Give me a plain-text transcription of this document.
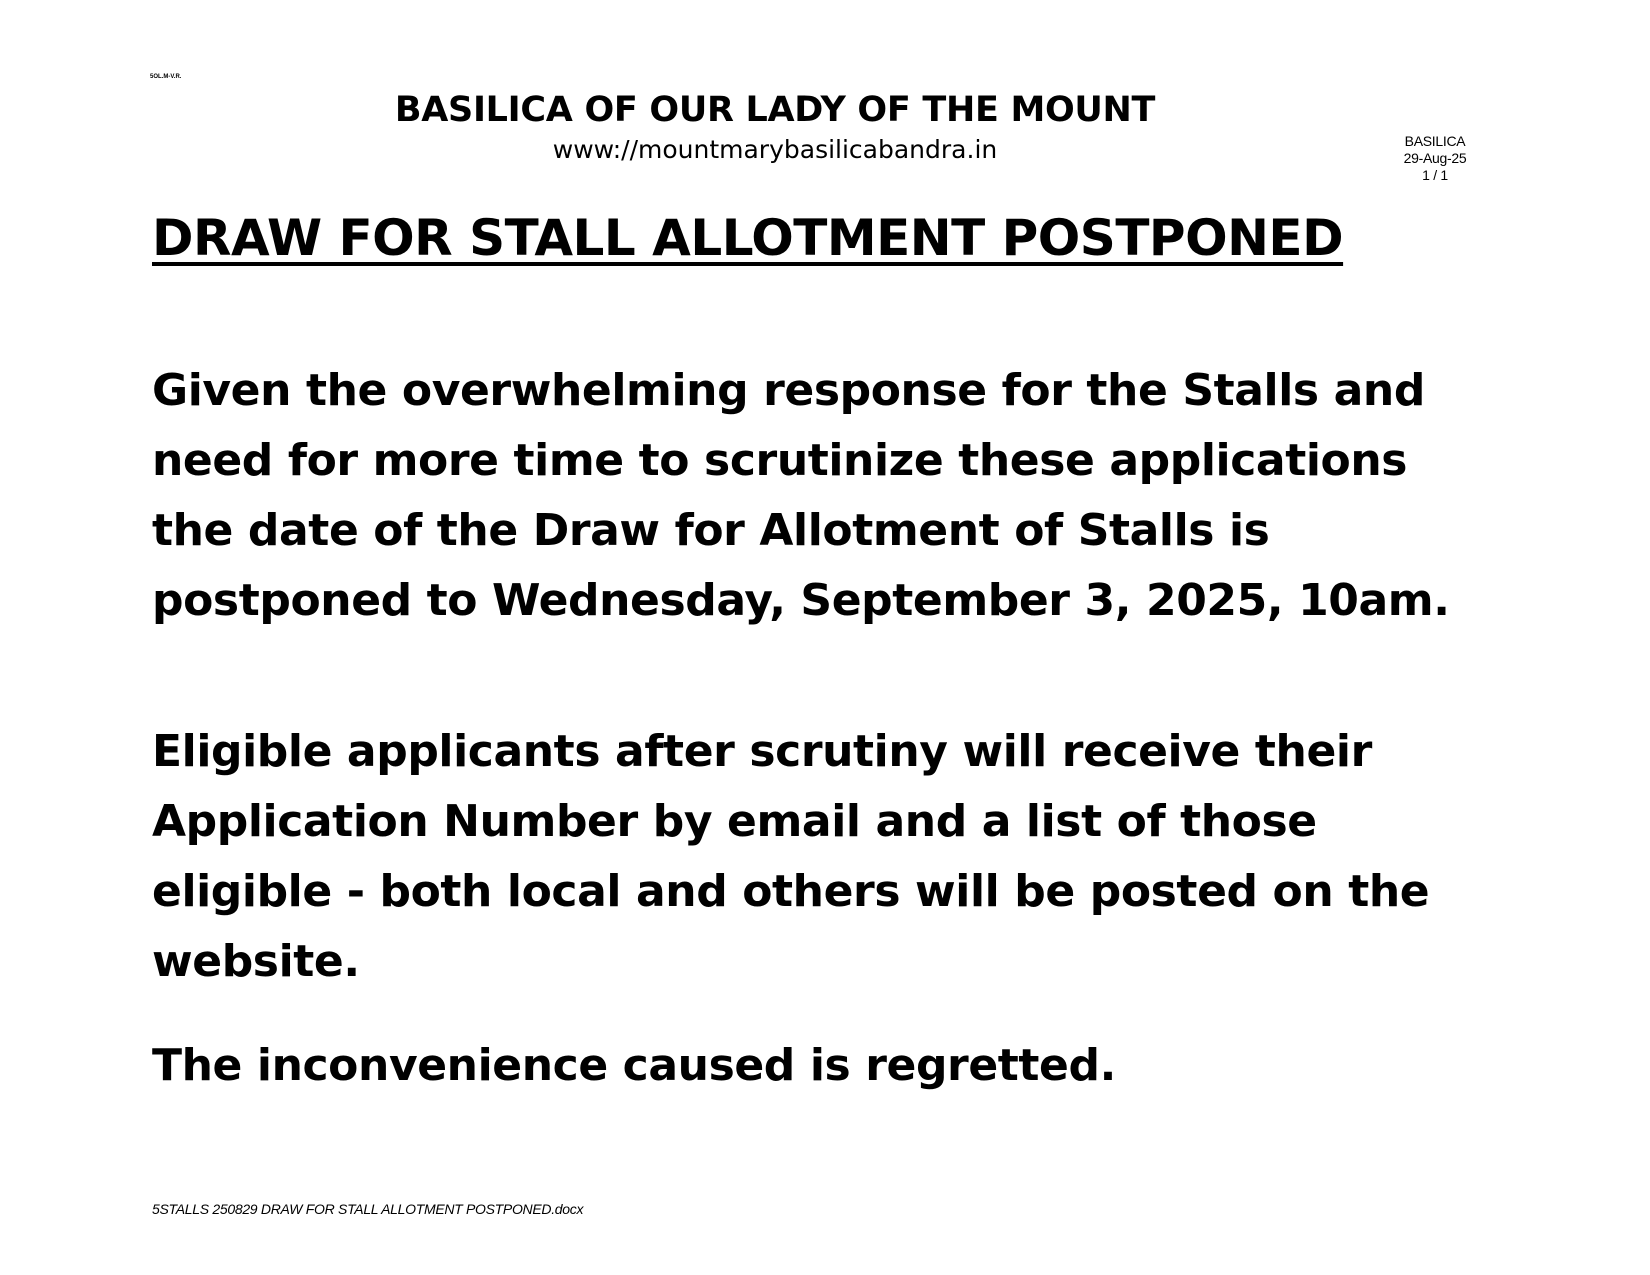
5OL.M-V.R.
BASILICA OF OUR LADY OF THE MOUNT
www://mountmarybasilicabandra.in	BASILICA
29-Aug-25
1 / 1
DRAW FOR STALL ALLOTMENT POSTPONED

Given the overwhelming response for the Stalls and
need for more time to scrutinize these applications
the date of the Draw for Allotment of Stalls is
postponed to Wednesday, September 3, 2025, 10am.

Eligible applicants after scrutiny will receive their
Application Number by email and a list of those
eligible - both local and others will be posted on the
website.

The inconvenience caused is regretted.

5STALLS 250829 DRAW FOR STALL ALLOTMENT POSTPONED.docx
